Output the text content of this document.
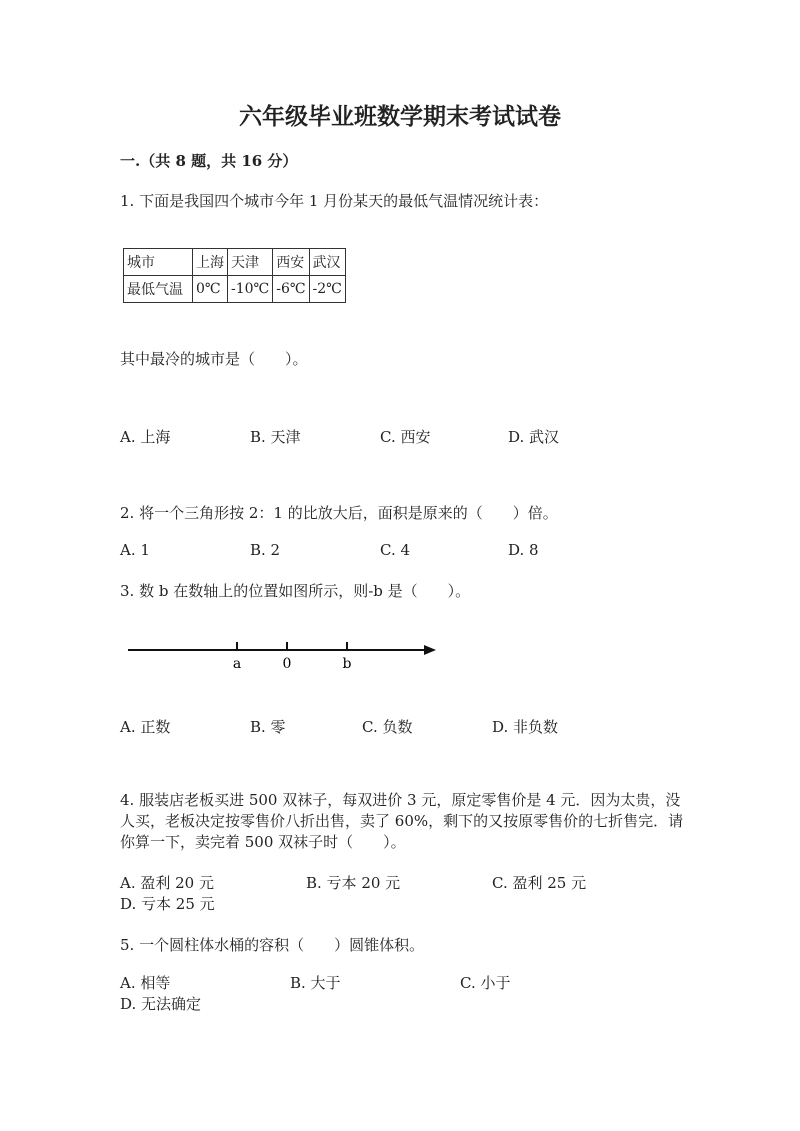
六年级毕业班数学期末考试试卷
一.（共 8 题，共 16 分）
1. 下面是我国四个城市今年 1 月份某天的最低气温情况统计表：
城市	上海	天津	西安	武汉
最低气温	0℃	-10℃	-6℃	-2℃
其中最冷的城市是（　　）。
A. 上海	B. 天津	C. 西安	D. 武汉
2. 将一个三角形按 2：1 的比放大后，面积是原来的（　　）倍。
A. 1	B. 2	C. 4	D. 8
3. 数 b 在数轴上的位置如图所示，则-b 是（　　）。
a	0	b
A. 正数	B. 零	C. 负数	D. 非负数
4. 服装店老板买进 500 双袜子，每双进价 3 元，原定零售价是 4 元．因为太贵，没人买，老板决定按零售价八折出售，卖了 60%，剩下的又按原零售价的七折售完．请你算一下，卖完着 500 双袜子时（　　）。
A. 盈利 20 元	B. 亏本 20 元	C. 盈利 25 元D. 亏本 25 元
5. 一个圆柱体水桶的容积（　　）圆锥体积。
A. 相等	B. 大于	C. 小于D. 无法确定
